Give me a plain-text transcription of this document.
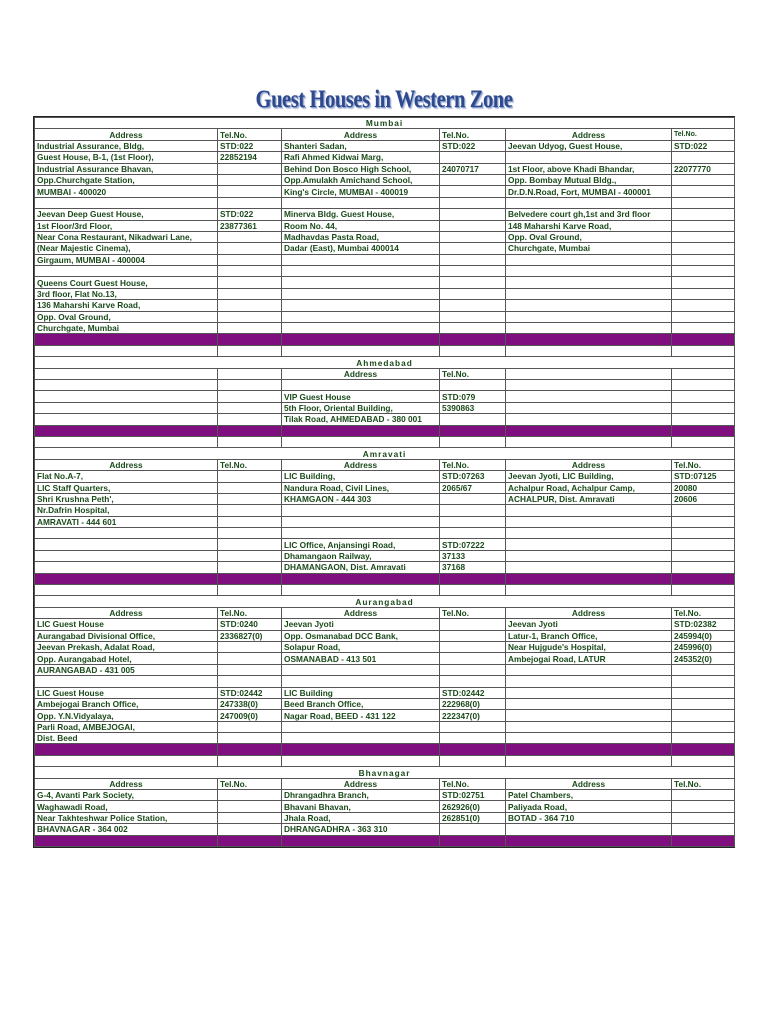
Guest Houses in Western Zone
Mumbai					
Address	Tel.No.	Address	Tel.No.	Address	Tel.No.
Industrial Assurance, Bldg,	STD:022	Shanteri Sadan,	STD:022	Jeevan Udyog, Guest House,	STD:022
Guest House, B-1, (1st Floor),	22852194	Rafi Ahmed Kidwai Marg,			
Industrial Assurance Bhavan,		Behind Don Bosco High School,	24070717	1st Floor, above Khadi Bhandar,	22077770
Opp.Churchgate Station,		Opp.Amulakh Amichand School,		Opp. Bombay Mutual Bldg.,	
MUMBAI - 400020		King's Circle, MUMBAI - 400019		Dr.D.N.Road, Fort, MUMBAI - 400001	

Jeevan Deep Guest House,	STD:022	Minerva Bldg. Guest House,		Belvedere court gh,1st and 3rd floor	
1st Floor/3rd Floor,	23877361	Room No. 44,		148 Maharshi Karve Road,	
Near Cona Restaurant, Nikadwari Lane,		Madhavdas Pasta Road,		Opp. Oval Ground,	
(Near Majestic Cinema),		Dadar (East), Mumbai 400014		Churchgate, Mumbai	
Girgaum, MUMBAI - 400004					

Queens Court Guest House,					
3rd floor, Flat No.13,					
136 Maharshi Karve Road,					
Opp. Oval Ground,					
Churchgate, Mumbai					

Ahmedabad					
		Address	Tel.No.		

		VIP Guest House	STD:079		
		5th Floor, Oriental Building,	5390863		
		Tilak Road, AHMEDABAD - 380 001			

Amravati					
Address	Tel.No.	Address	Tel.No.	Address	Tel.No.
Flat No.A-7,		LIC Building,	STD:07263	Jeevan Jyoti, LIC Building,	STD:07125
LIC Staff Quarters,		Nandura Road, Civil Lines,	2065/67	Achalpur Road, Achalpur Camp,	20080
Shri Krushna Peth',		KHAMGAON - 444 303		ACHALPUR, Dist. Amravati	20606
Nr.Dafrin Hospital,					
AMRAVATI - 444 601					

		LIC Office, Anjansingi Road,	STD:07222		
		Dhamangaon Railway,	37133		
		DHAMANGAON, Dist. Amravati	37168		

Aurangabad					
Address	Tel.No.	Address	Tel.No.	Address	Tel.No.
LIC Guest House	STD:0240	Jeevan Jyoti		Jeevan Jyoti	STD:02382
Aurangabad Divisional Office,	2336827(0)	Opp. Osmanabad DCC Bank,		Latur-1, Branch Office,	245994(0)
Jeevan Prekash, Adalat Road,		Solapur Road,		Near Hujgude's Hospital,	245996(0)
Opp. Aurangabad Hotel,		OSMANABAD - 413 501		Ambejogai Road, LATUR	245352(0)
AURANGABAD - 431 005					

LIC Guest House	STD:02442	LIC Building	STD:02442		
Ambejogai Branch Office,	247338(0)	Beed Branch Office,	222968(0)		
Opp. Y.N.Vidyalaya,	247009(0)	Nagar Road, BEED - 431 122	222347(0)		
Parli Road, AMBEJOGAI,					
Dist. Beed					

Bhavnagar					
Address	Tel.No.	Address	Tel.No.	Address	Tel.No.
G-4, Avanti Park Society,		Dhrangadhra Branch,	STD:02751	Patel Chambers,	
Waghawadi Road,		Bhavani Bhavan,	262926(0)	Paliyada Road,	
Near Takhteshwar Police Station,		Jhala Road,	262851(0)	BOTAD - 364 710	
BHAVNAGAR - 364 002		DHRANGADHRA - 363 310			
